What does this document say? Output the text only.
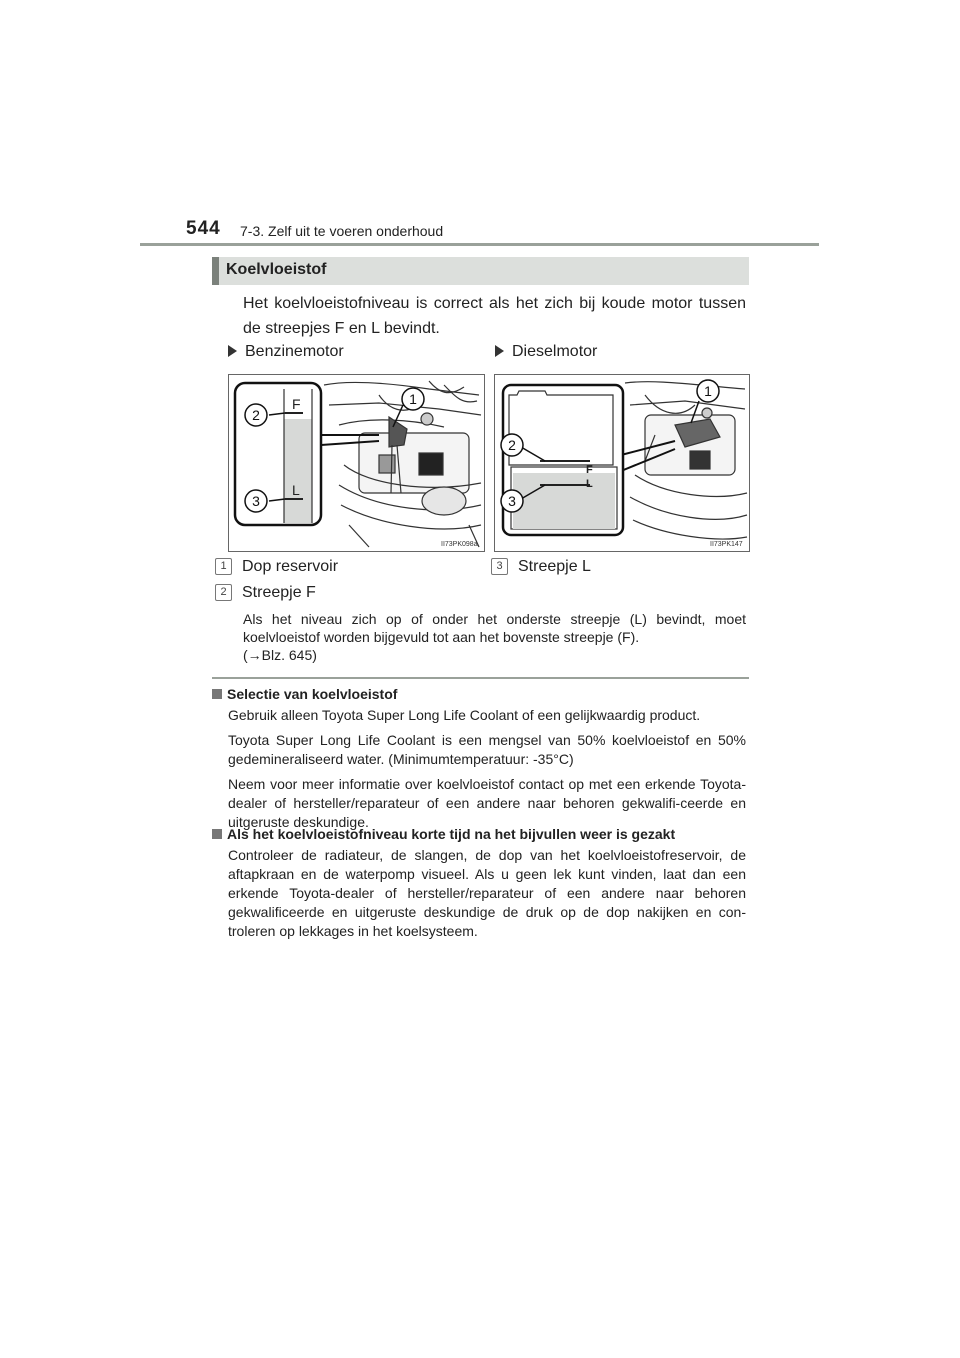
544 7-3. Zelf uit te voeren onderhoud
Koelvloeistof
Het koelvloeistofniveau is correct als het zich bij koude motor tussen de streepjes F en L bevindt.
Benzinemotor	Dieselmotor
F
L
2
3
1
II73PK098a
F
L
2
3
1
II73PK147
1 Dop reservoir	3 Streepje L
2 Streepje F
Als het niveau zich op of onder het onderste streepje (L) bevindt, moet koelvloeistof worden bijgevuld tot aan het bovenste streepje (F).
(→Blz. 645)
Selectie van koelvloeistof
Gebruik alleen Toyota Super Long Life Coolant of een gelijkwaardig product.
Toyota Super Long Life Coolant is een mengsel van 50% koelvloeistof en 50% gedemineraliseerd water. (Minimumtemperatuur: -35°C)
Neem voor meer informatie over koelvloeistof contact op met een erkende Toyota-dealer of hersteller/reparateur of een andere naar behoren gekwalifi-ceerde en uitgeruste deskundige.
Als het koelvloeistofniveau korte tijd na het bijvullen weer is gezakt
Controleer de radiateur, de slangen, de dop van het koelvloeistofreservoir, de aftapkraan en de waterpomp visueel. Als u geen lek kunt vinden, laat dan een erkende Toyota-dealer of hersteller/reparateur of een andere naar behoren gekwalificeerde en uitgeruste deskundige de druk op de dop nakijken en con-troleren op lekkages in het koelsysteem.
